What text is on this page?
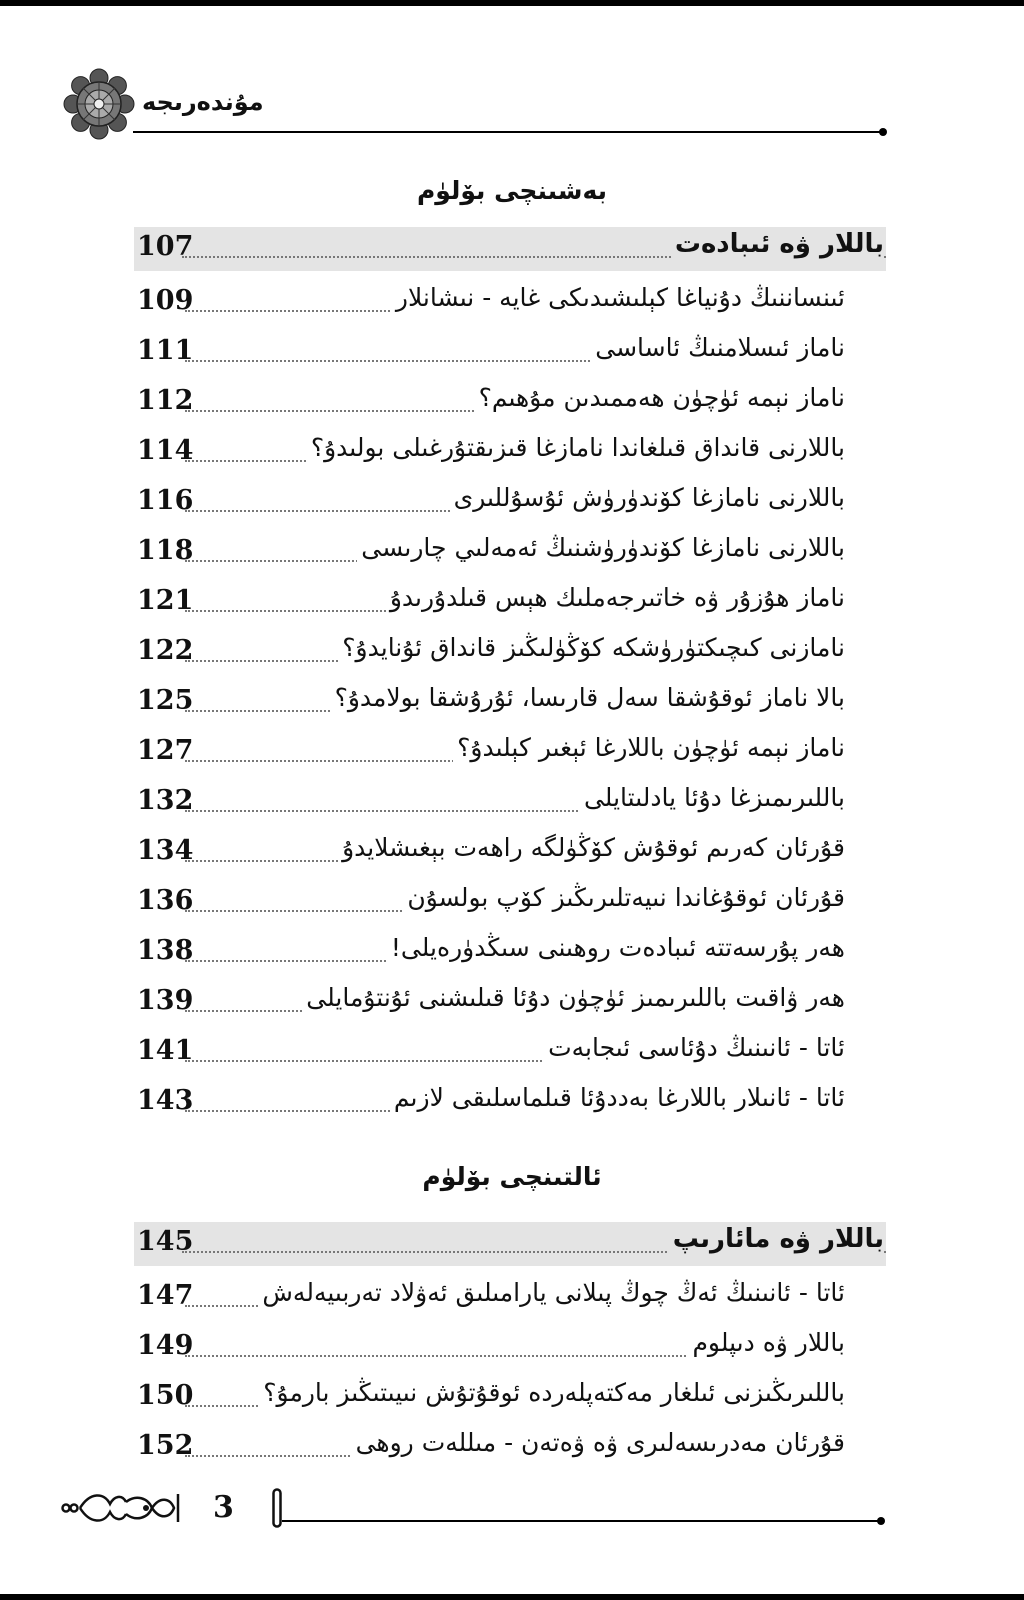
مۇندەرىجە
بەشىنچى بۆلۈم
107	باللار ۋە ئىبادەت
109	ئىنساننىڭ دۇنياغا كېلىشىدىكى غايە - نىشانلار
111	ناماز ئىسلامنىڭ ئاساسى
112	ناماز نېمە ئۈچۈن ھەممىدىن مۇھىم؟
114	باللارنى قانداق قىلغاندا نامازغا قىزىقتۇرغىلى بولىدۇ؟
116	باللارنى نامازغا كۆندۈرۈش ئۇسۇللىرى
118	باللارنى نامازغا كۆندۈرۈشنىڭ ئەمەلىي چارىسى
121	ناماز ھۇزۇر ۋە خاتىرجەملىك ھېس قىلدۇرىدۇ
122	نامازنى كىچىكتۈرۈشكە كۆڭۈلىڭىز قانداق ئۇنايدۇ؟
125	بالا ناماز ئوقۇشقا سەل قارىسا، ئۇرۇشقا بولامدۇ؟
127	ناماز نېمە ئۈچۈن باللارغا ئېغىر كېلىدۇ؟
132	باللىرىمىزغا دۇئا يادلىتايلى
134	قۇرئان كەرىم ئوقۇش كۆڭۈلگە راھەت بېغىشلايدۇ
136	قۇرئان ئوقۇغاندا نىيەتلىرىڭىز كۆپ بولسۇن
138	ھەر پۇرسەتتە ئىبادەت روھىنى سىڭدۈرەيلى!
139	ھەر ۋاقىت باللىرىمىز ئۈچۈن دۇئا قىلىشنى ئۇنتۇمايلى
141	ئاتا - ئانىنىڭ دۇئاسى ئىجابەت
143	ئاتا - ئانىلار باللارغا بەددۇئا قىلماسلىقى لازىم
ئالتىنچى بۆلۈم
145	باللار ۋە مائارىپ
147	ئاتا - ئانىنىڭ ئەڭ چوڭ پىلانى يارامىلىق ئەۋلاد تەربىيەلەش
149	باللار ۋە دىپلوم
150	باللىرىڭىزنى ئىلغار مەكتەپلەردە ئوقۇتۇش نىيىتىڭىز بارمۇ؟
152	قۇرئان مەدرىسەلىرى ۋە ۋەتەن - مىللەت روھى
3
